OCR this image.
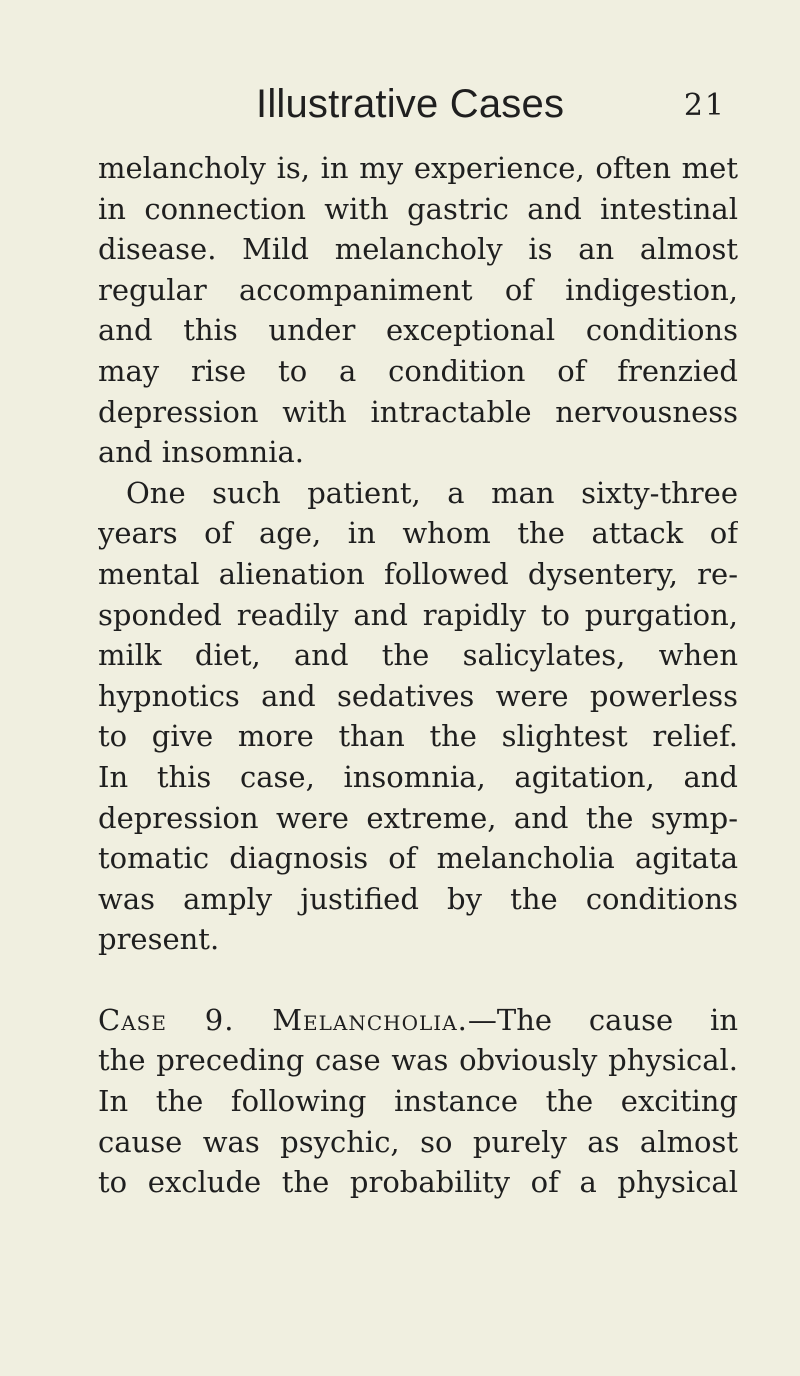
Illustrative Cases	21
melancholy is, in my experience, often met
in connection with gastric and intestinal
disease. Mild melancholy is an almost
regular accompaniment of indigestion,
and this under exceptional conditions
may rise to a condition of frenzied
depression with intractable nervousness
and insomnia.
One such patient, a man sixty-three
years of age, in whom the attack of
mental alienation followed dysentery, re-
sponded readily and rapidly to purgation,
milk diet, and the salicylates, when
hypnotics and sedatives were powerless
to give more than the slightest relief.
In this case, insomnia, agitation, and
depression were extreme, and the symp-
tomatic diagnosis of melancholia agitata
was amply justified by the conditions
present.
Case 9. Melancholia.—The cause in
the preceding case was obviously physical.
In the following instance the exciting
cause was psychic, so purely as almost
to exclude the probability of a physical
